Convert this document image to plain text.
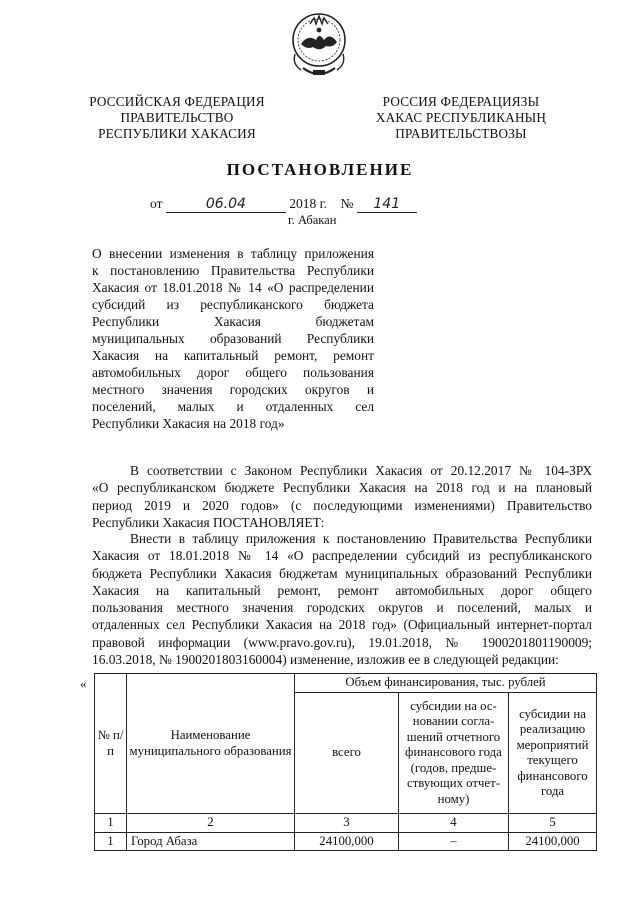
РОССИЙСКАЯ ФЕДЕРАЦИЯ
ПРАВИТЕЛЬСТВО
РЕСПУБЛИКИ ХАКАСИЯ
РОССИЯ ФЕДЕРАЦИЯЗЫ
ХАКАС РЕСПУБЛИКАНЫҢ
ПРАВИТЕЛЬСТВОЗЫ
ПОСТАНОВЛЕНИЕ
от	06.04	2018 г. № 141
г. Абакан
О внесении изменения в таблицу приложения
к постановлению Правительства Республики
Хакасия от 18.01.2018 № 14 «О распределении
субсидий из республиканского бюджета
Республики Хакасия бюджетам
муниципальных образований Республики
Хакасия на капитальный ремонт, ремонт
автомобильных дорог общего пользования
местного значения городских округов и
поселений, малых и отдаленных сел
Республики Хакасия на 2018 год»
В соответствии с Законом Республики Хакасия от 20.12.2017 № 104-ЗРХ
«О республиканском бюджете Республики Хакасия на 2018 год и на плановый
период 2019 и 2020 годов» (с последующими изменениями) Правительство
Республики Хакасия ПОСТАНОВЛЯЕТ:
Внести в таблицу приложения к постановлению Правительства Республики
Хакасия от 18.01.2018 № 14 «О распределении субсидий из республиканского
бюджета Республики Хакасия бюджетам муниципальных образований Республики
Хакасия на капитальный ремонт, ремонт автомобильных дорог общего
пользования местного значения городских округов и поселений, малых и
отдаленных сел Республики Хакасия на 2018 год» (Официальный интернет-портал
правовой информации (www.pravo.gov.ru), 19.01.2018, № 1900201801190009;
16.03.2018, № 1900201803160004) изменение, изложив ее в следующей редакции:
«
№ п/п	Наименование муниципального образования	Объем финансирования, тыс. рублей		
		всего	субсидии на ос-новании согла-шений отчетного финансового года (годов, предше-ствующих отчет-ному)	субсидии на реализацию мероприятий текущего финансового года
1	2	3	4	5
1	Город Абаза	24100,000	–	24100,000
